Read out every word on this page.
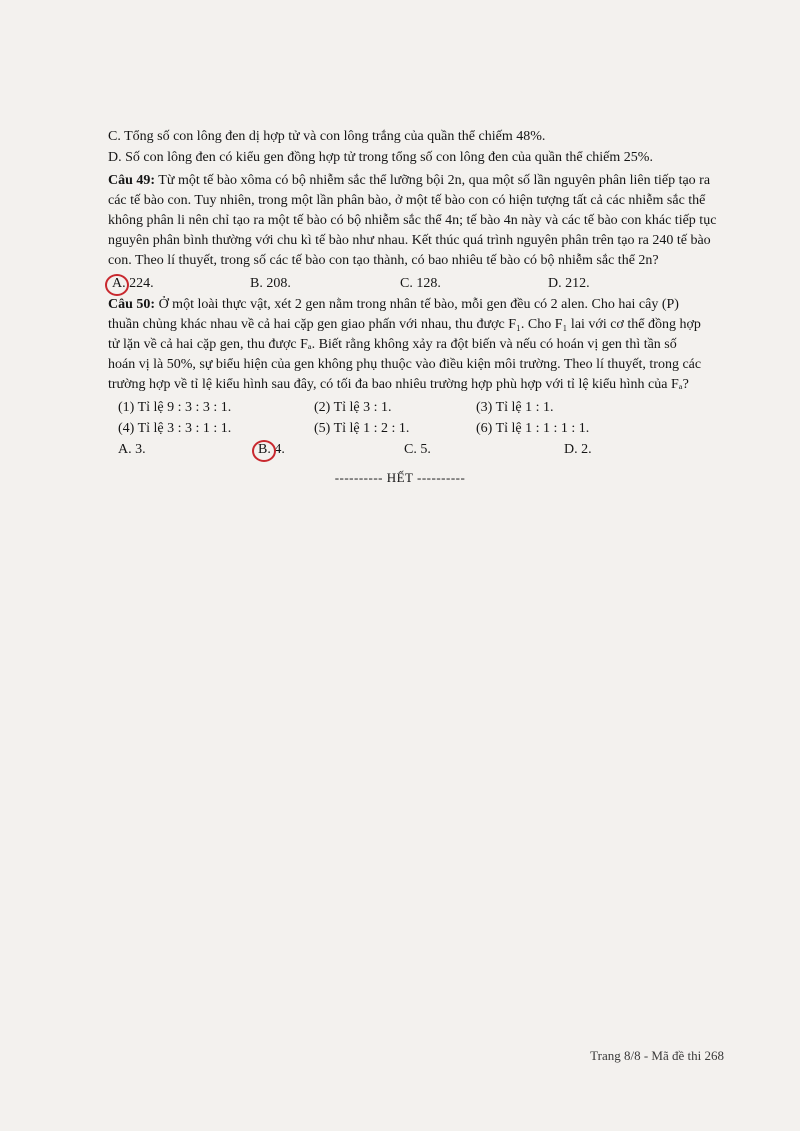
C. Tổng số con lông đen dị hợp tử và con lông trắng của quần thể chiếm 48%.
D. Số con lông đen có kiểu gen đồng hợp tử trong tổng số con lông đen của quần thể chiếm 25%.
Câu 49: Từ một tế bào xôma có bộ nhiễm sắc thể lưỡng bội 2n, qua một số lần nguyên phân liên tiếp tạo ra
các tế bào con. Tuy nhiên, trong một lần phân bào, ở một tế bào con có hiện tượng tất cả các nhiễm sắc thể
không phân li nên chỉ tạo ra một tế bào có bộ nhiễm sắc thể 4n; tế bào 4n này và các tế bào con khác tiếp tục
nguyên phân bình thường với chu kì tế bào như nhau. Kết thúc quá trình nguyên phân trên tạo ra 240 tế bào
con. Theo lí thuyết, trong số các tế bào con tạo thành, có bao nhiêu tế bào có bộ nhiễm sắc thể 2n?
A. 224.	B. 208.	C. 128.	D. 212.
Câu 50: Ở một loài thực vật, xét 2 gen nằm trong nhân tế bào, mỗi gen đều có 2 alen. Cho hai cây (P)
thuần chủng khác nhau về cả hai cặp gen giao phấn với nhau, thu được F₁. Cho F₁ lai với cơ thể đồng hợp
tử lặn về cả hai cặp gen, thu được Fₐ. Biết rằng không xảy ra đột biến và nếu có hoán vị gen thì tần số
hoán vị là 50%, sự biểu hiện của gen không phụ thuộc vào điều kiện môi trường. Theo lí thuyết, trong các
trường hợp về tỉ lệ kiểu hình sau đây, có tối đa bao nhiêu trường hợp phù hợp với tỉ lệ kiểu hình của Fₐ?
(1) Tỉ lệ 9 : 3 : 3 : 1.	(2) Tỉ lệ 3 : 1.	(3) Tỉ lệ 1 : 1.
(4) Tỉ lệ 3 : 3 : 1 : 1.	(5) Tỉ lệ 1 : 2 : 1.	(6) Tỉ lệ 1 : 1 : 1 : 1.
A. 3.	B. 4.	C. 5.	D. 2.
---------- HẾT ----------
Trang 8/8 - Mã đề thi 268
